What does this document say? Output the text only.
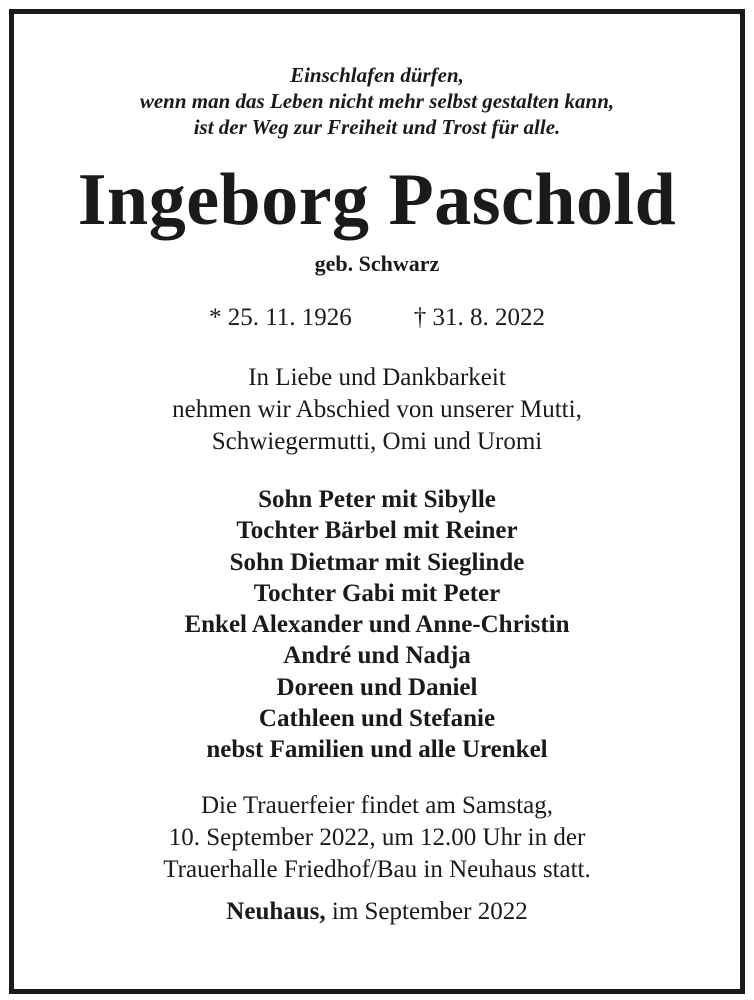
Einschlafen dürfen,
wenn man das Leben nicht mehr selbst gestalten kann,
ist der Weg zur Freiheit und Trost für alle.
Ingeborg Paschold
geb. Schwarz
* 25. 11. 1926 † 31. 8. 2022
In Liebe und Dankbarkeit
nehmen wir Abschied von unserer Mutti,
Schwiegermutti, Omi und Uromi
Sohn Peter mit Sibylle
Tochter Bärbel mit Reiner
Sohn Dietmar mit Sieglinde
Tochter Gabi mit Peter
Enkel Alexander und Anne-Christin
André und Nadja
Doreen und Daniel
Cathleen und Stefanie
nebst Familien und alle Urenkel
Die Trauerfeier findet am Samstag,
10. September 2022, um 12.00 Uhr in der
Trauerhalle Friedhof/Bau in Neuhaus statt.
Neuhaus, im September 2022
